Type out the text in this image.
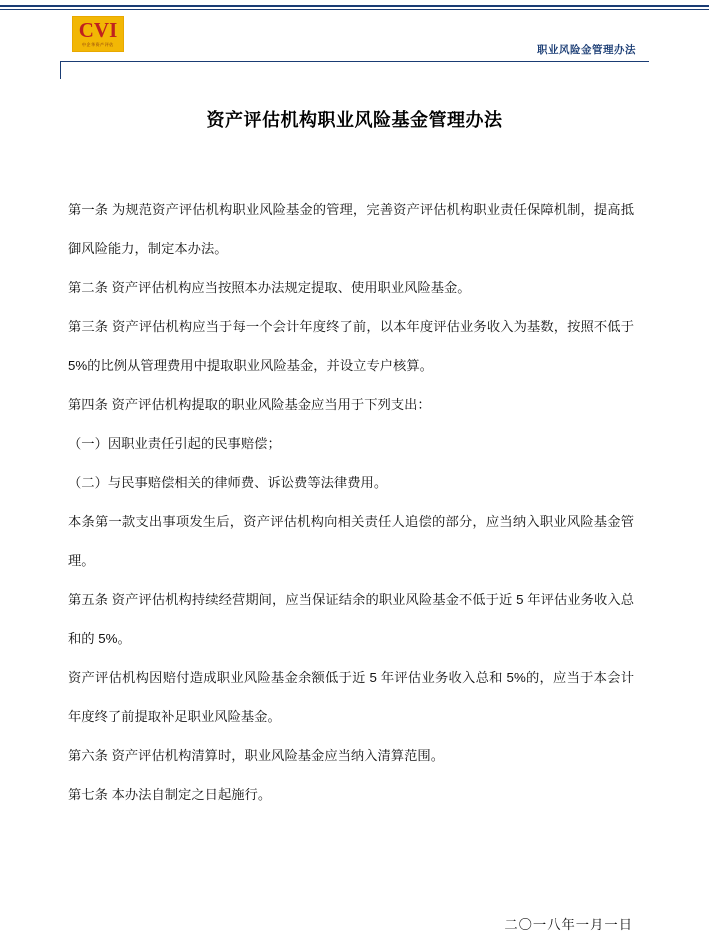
CVI
中企华资产评估	职业风险金管理办法
资产评估机构职业风险基金管理办法

第一条 为规范资产评估机构职业风险基金的管理，完善资产评估机构职业责任保障机制，提高抵御风险能力，制定本办法。

第二条 资产评估机构应当按照本办法规定提取、使用职业风险基金。

第三条 资产评估机构应当于每一个会计年度终了前，以本年度评估业务收入为基数，按照不低于 5%的比例从管理费用中提取职业风险基金，并设立专户核算。

第四条 资产评估机构提取的职业风险基金应当用于下列支出：

（一）因职业责任引起的民事赔偿；

（二）与民事赔偿相关的律师费、诉讼费等法律费用。

本条第一款支出事项发生后，资产评估机构向相关责任人追偿的部分，应当纳入职业风险基金管理。

第五条 资产评估机构持续经营期间，应当保证结余的职业风险基金不低于近 5 年评估业务收入总和的 5%。

资产评估机构因赔付造成职业风险基金余额低于近 5 年评估业务收入总和 5%的，应当于本会计年度终了前提取补足职业风险基金。

第六条 资产评估机构清算时，职业风险基金应当纳入清算范围。

第七条 本办法自制定之日起施行。

二〇一八年一月一日
